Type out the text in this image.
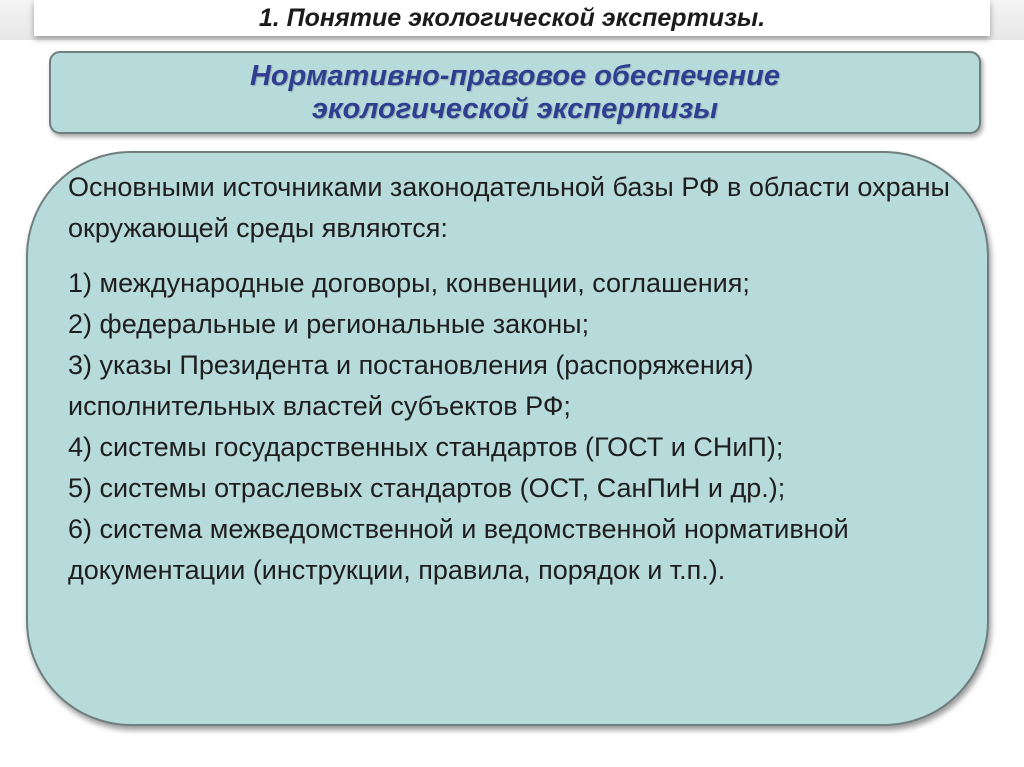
1. Понятие экологической экспертизы.
Нормативно-правовое обеспечение
экологической экспертизы

Основными источниками законодательной базы РФ в области охраны окружающей среды являются:

1) международные договоры, конвенции, соглашения;

2) федеральные и региональные законы;

3) указы Президента и постановления (распоряжения) исполнительных властей субъектов РФ;

4) системы государственных стандартов (ГОСТ и СНиП);

5) системы отраслевых стандартов (ОСТ, СанПиН и др.);

6) система межведомственной и ведомственной нормативной документации (инструкции, правила, порядок и т.п.).
